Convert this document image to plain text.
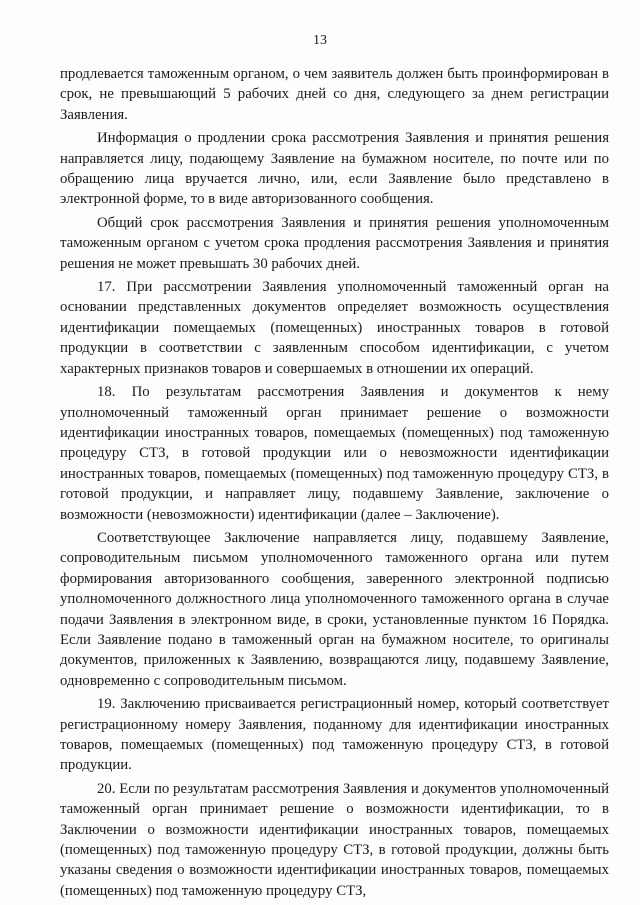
13

продлевается таможенным органом, о чем заявитель должен быть проинформирован в срок, не превышающий 5 рабочих дней со дня, следующего за днем регистрации Заявления.

Информация о продлении срока рассмотрения Заявления и принятия решения направляется лицу, подающему Заявление на бумажном носителе, по почте или по обращению лица вручается лично, или, если Заявление было представлено в электронной форме, то в виде авторизованного сообщения.

Общий срок рассмотрения Заявления и принятия решения уполномоченным таможенным органом с учетом срока продления рассмотрения Заявления и принятия решения не может превышать 30 рабочих дней.

17. При рассмотрении Заявления уполномоченный таможенный орган на основании представленных документов определяет возможность осуществления идентификации помещаемых (помещенных) иностранных товаров в готовой продукции в соответствии с заявленным способом идентификации, с учетом характерных признаков товаров и совершаемых в отношении их операций.

18. По результатам рассмотрения Заявления и документов к нему уполномоченный таможенный орган принимает решение о возможности идентификации иностранных товаров, помещаемых (помещенных) под таможенную процедуру СТЗ, в готовой продукции или о невозможности идентификации иностранных товаров, помещаемых (помещенных) под таможенную процедуру СТЗ, в готовой продукции, и направляет лицу, подавшему Заявление, заключение о возможности (невозможности) идентификации (далее – Заключение).

Соответствующее Заключение направляется лицу, подавшему Заявление, сопроводительным письмом уполномоченного таможенного органа или путем формирования авторизованного сообщения, заверенного электронной подписью уполномоченного должностного лица уполномоченного таможенного органа в случае подачи Заявления в электронном виде, в сроки, установленные пунктом 16 Порядка. Если Заявление подано в таможенный орган на бумажном носителе, то оригиналы документов, приложенных к Заявлению, возвращаются лицу, подавшему Заявление, одновременно с сопроводительным письмом.

19. Заключению присваивается регистрационный номер, который соответствует регистрационному номеру Заявления, поданному для идентификации иностранных товаров, помещаемых (помещенных) под таможенную процедуру СТЗ, в готовой продукции.

20. Если по результатам рассмотрения Заявления и документов уполномоченный таможенный орган принимает решение о возможности идентификации, то в Заключении о возможности идентификации иностранных товаров, помещаемых (помещенных) под таможенную процедуру СТЗ, в готовой продукции, должны быть указаны сведения о возможности идентификации иностранных товаров, помещаемых (помещенных) под таможенную процедуру СТЗ,
